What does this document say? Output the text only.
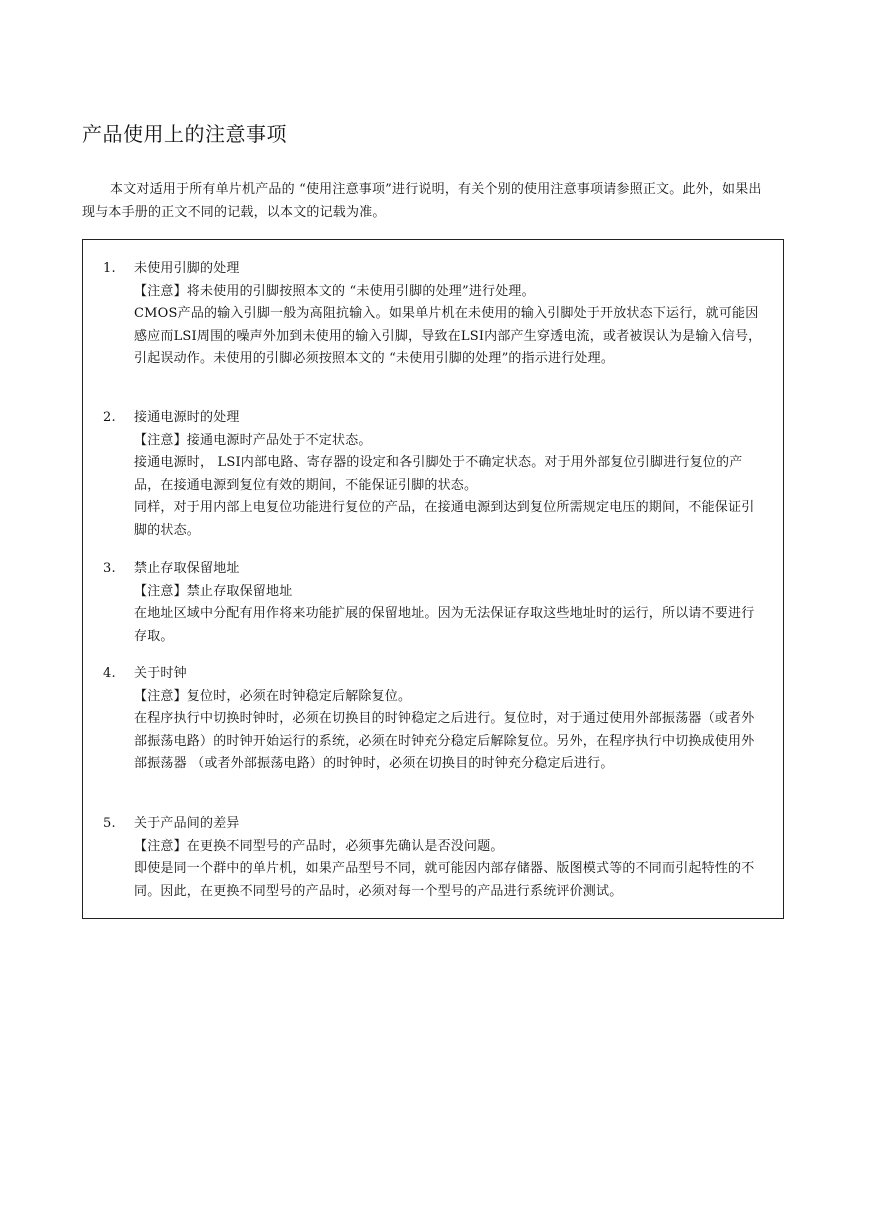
产品使用上的注意事项
本文对适用于所有单片机产品的 “使用注意事项”进行说明，有关个别的使用注意事项请参照正文。此外，如果出现与本手册的正文不同的记载，以本文的记载为准。
1.	未使用引脚的处理
【注意】将未使用的引脚按照本文的 “未使用引脚的处理”进行处理。
CMOS产品的输入引脚一般为高阻抗输入。如果单片机在未使用的输入引脚处于开放状态下运行，就可能因感应而LSI周围的噪声外加到未使用的输入引脚，导致在LSI内部产生穿透电流，或者被误认为是输入信号，引起误动作。未使用的引脚必须按照本文的 “未使用引脚的处理”的指示进行处理。
2.	接通电源时的处理
【注意】接通电源时产品处于不定状态。
接通电源时， LSI内部电路、寄存器的设定和各引脚处于不确定状态。对于用外部复位引脚进行复位的产品，在接通电源到复位有效的期间，不能保证引脚的状态。
同样，对于用内部上电复位功能进行复位的产品，在接通电源到达到复位所需规定电压的期间，不能保证引脚的状态。
3.	禁止存取保留地址
【注意】禁止存取保留地址
在地址区域中分配有用作将来功能扩展的保留地址。因为无法保证存取这些地址时的运行，所以请不要进行存取。
4.	关于时钟
【注意】复位时，必须在时钟稳定后解除复位。
在程序执行中切换时钟时，必须在切换目的时钟稳定之后进行。复位时，对于通过使用外部振荡器（或者外部振荡电路）的时钟开始运行的系统，必须在时钟充分稳定后解除复位。另外，在程序执行中切换成使用外部振荡器 （或者外部振荡电路）的时钟时，必须在切换目的时钟充分稳定后进行。
5.	关于产品间的差异
【注意】在更换不同型号的产品时，必须事先确认是否没问题。
即使是同一个群中的单片机，如果产品型号不同，就可能因内部存储器、版图模式等的不同而引起特性的不同。因此，在更换不同型号的产品时，必须对每一个型号的产品进行系统评价测试。
